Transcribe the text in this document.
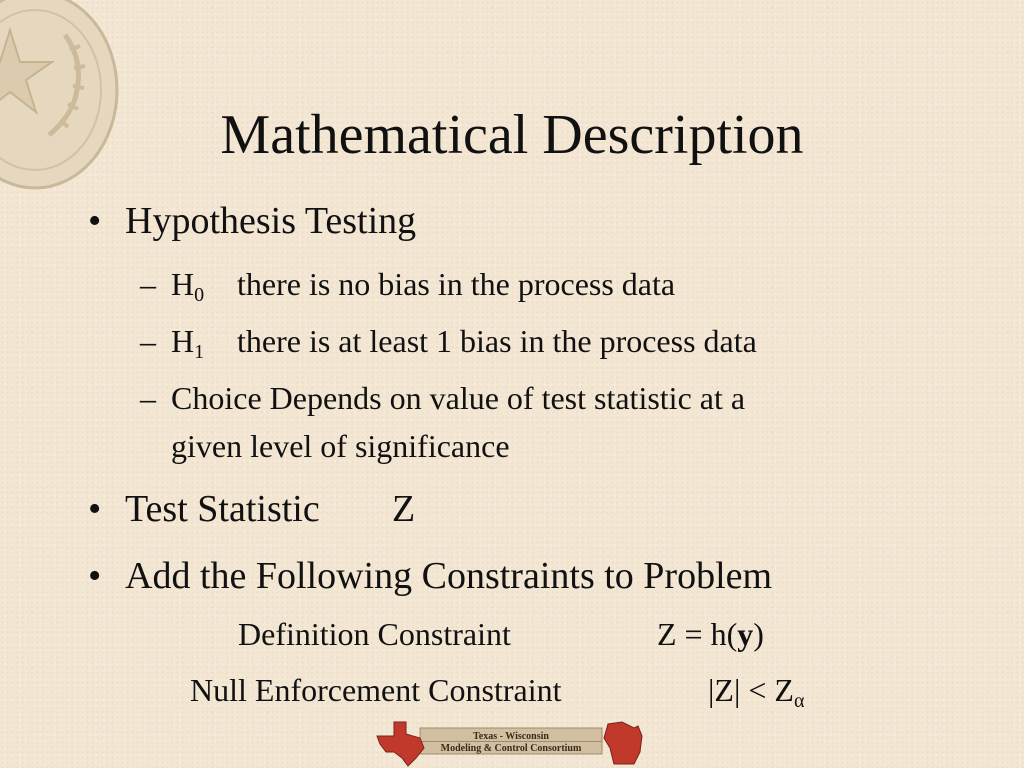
Mathematical Description
• Hypothesis Testing
– $H_0$ there is no bias in the process data
– $H_1$ there is at least 1 bias in the process data
– Choice Depends on value of test statistic at a
given level of significance
• Test Statistic Z
• Add the Following Constraints to Problem
Definition Constraint	Z = h(y)
Null Enforcement Constraint	$|Z| < Z_\alpha$
Texas - Wisconsin
Modeling & Control Consortium
